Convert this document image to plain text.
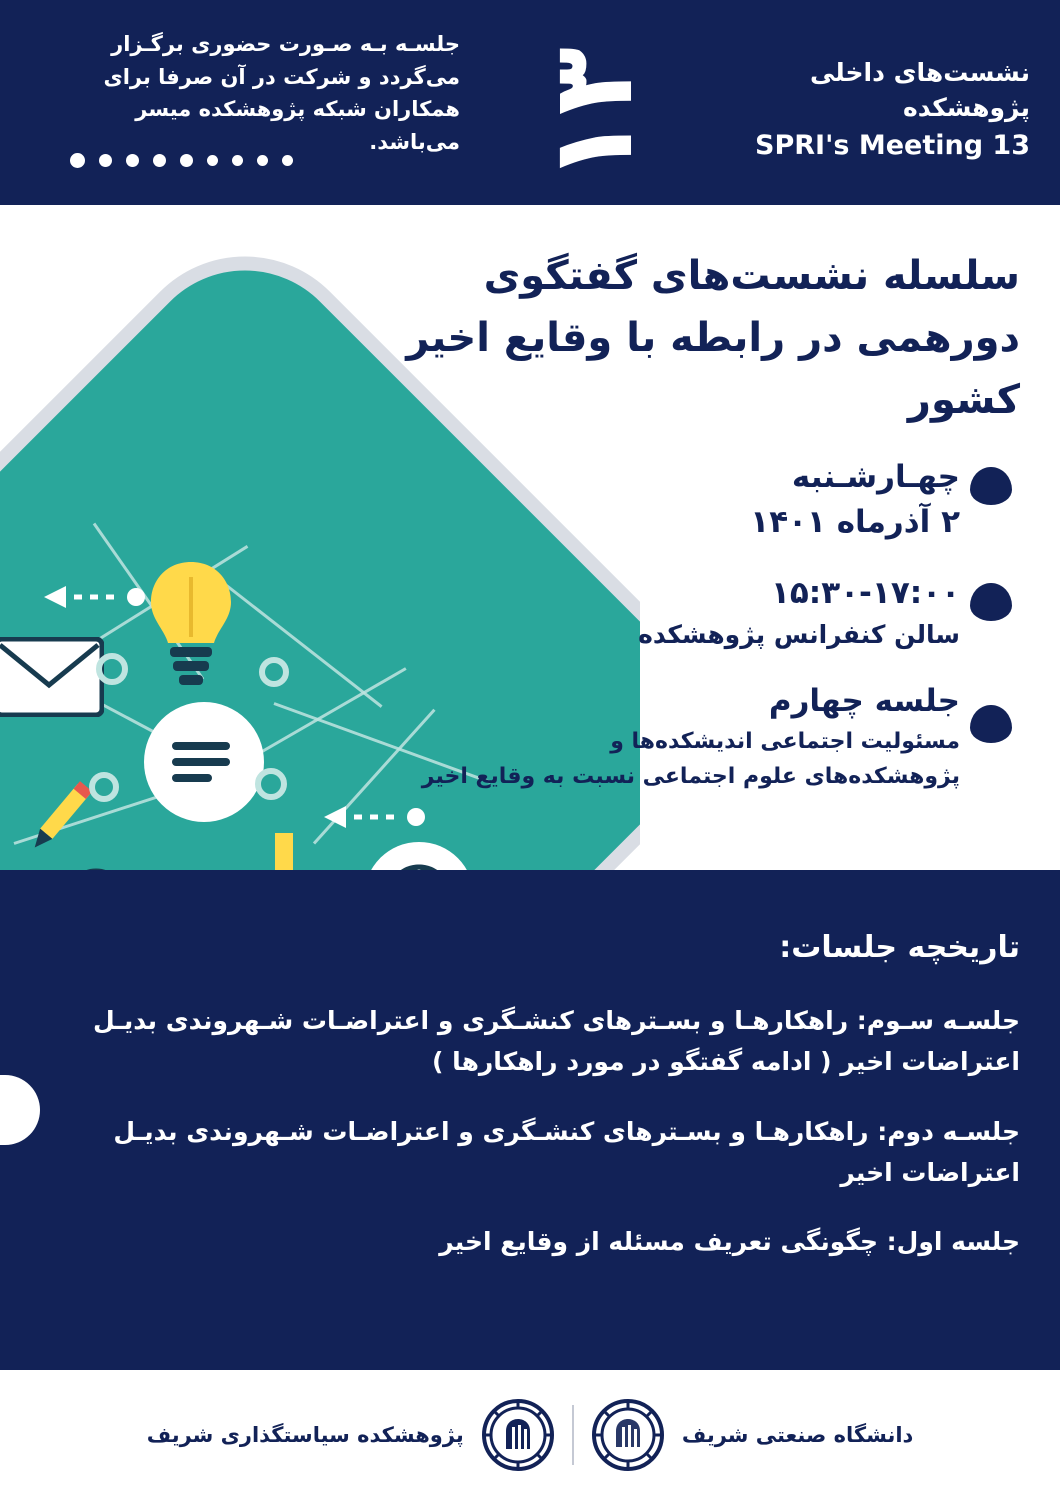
جلسـه بـه صـورت حضوری برگـزار می‌گردد و شرکت در آن صرفا برای همکاران شبکه پژوهشکده میسر می‌باشد. ۱۳	نشست‌های داخلی پژوهشکده
SPRI's Meeting 13
سلسله نشست‌های گفتگوی دورهمی در رابطه با وقایع اخیر کشور
چهـارشـنبه
۲ آذرماه ۱۴۰۱
۱۵:۳۰-۱۷:۰۰
سالن کنفرانس پژوهشکده
جلسه چهارم
مسئولیت اجتماعی اندیشکده‌ها و
پژوهشکده‌های علوم اجتماعی نسبت به وقایع اخیر
تاریخچه جلسات:
جلسـه سـوم: راهکارهـا و بسـترهای کنشـگری و اعتراضـات شـهروندی بدیـل اعتراضات اخیر ( ادامه گفتگو در مورد راهکارها )
جلسـه دوم: راهکارهـا و بسـترهای کنشـگری و اعتراضـات شـهروندی بدیـل اعتراضات اخیر
جلسه اول: چگونگی تعریف مسئله از وقایع اخیر
دانشگاه صنعتی شریف
پژوهشکده سیاستگذاری شریف
